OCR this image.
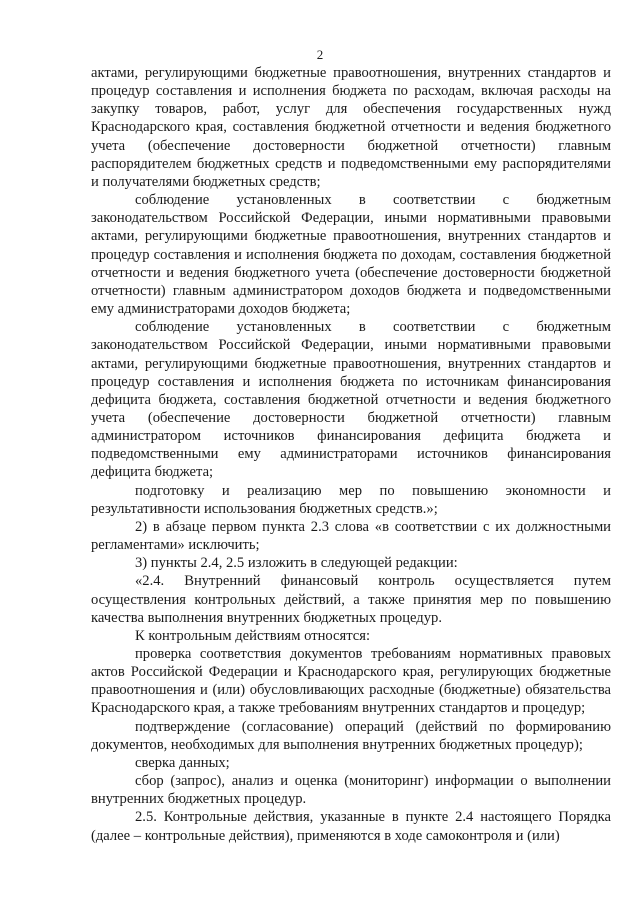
2

актами, регулирующими бюджетные правоотношения, внутренних стандартов и процедур составления и исполнения бюджета по расходам, включая расходы на закупку товаров, работ, услуг для обеспечения государственных нужд Краснодарского края, составления бюджетной отчетности и ведения бюджетного учета (обеспечение достоверности бюджетной отчетности) главным распорядителем бюджетных средств и подведомственными ему распорядителями и получателями бюджетных средств;

соблюдение установленных в соответствии с бюджетным законодательством Российской Федерации, иными нормативными правовыми актами, регулирующими бюджетные правоотношения, внутренних стандартов и процедур составления и исполнения бюджета по доходам, составления бюджетной отчетности и ведения бюджетного учета (обеспечение достоверности бюджетной отчетности) главным администратором доходов бюджета и подведомственными ему администраторами доходов бюджета;

соблюдение установленных в соответствии с бюджетным законодательством Российской Федерации, иными нормативными правовыми актами, регулирующими бюджетные правоотношения, внутренних стандартов и процедур составления и исполнения бюджета по источникам финансирования дефицита бюджета, составления бюджетной отчетности и ведения бюджетного учета (обеспечение достоверности бюджетной отчетности) главным администратором источников финансирования дефицита бюджета и подведомственными ему администраторами источников финансирования дефицита бюджета;

подготовку и реализацию мер по повышению экономности и результативности использования бюджетных средств.»;

2) в абзаце первом пункта 2.3 слова «в соответствии с их должностными регламентами» исключить;

3) пункты 2.4, 2.5 изложить в следующей редакции:

«2.4. Внутренний финансовый контроль осуществляется путем осуществления контрольных действий, а также принятия мер по повышению качества выполнения внутренних бюджетных процедур.

К контрольным действиям относятся:

проверка соответствия документов требованиям нормативных правовых актов Российской Федерации и Краснодарского края, регулирующих бюджетные правоотношения и (или) обусловливающих расходные (бюджетные) обязательства Краснодарского края, а также требованиям внутренних стандартов и процедур;

подтверждение (согласование) операций (действий по формированию документов, необходимых для выполнения внутренних бюджетных процедур);

сверка данных;

сбор (запрос), анализ и оценка (мониторинг) информации о выполнении внутренних бюджетных процедур.

2.5. Контрольные действия, указанные в пункте 2.4 настоящего Порядка (далее – контрольные действия), применяются в ходе самоконтроля и (или)
